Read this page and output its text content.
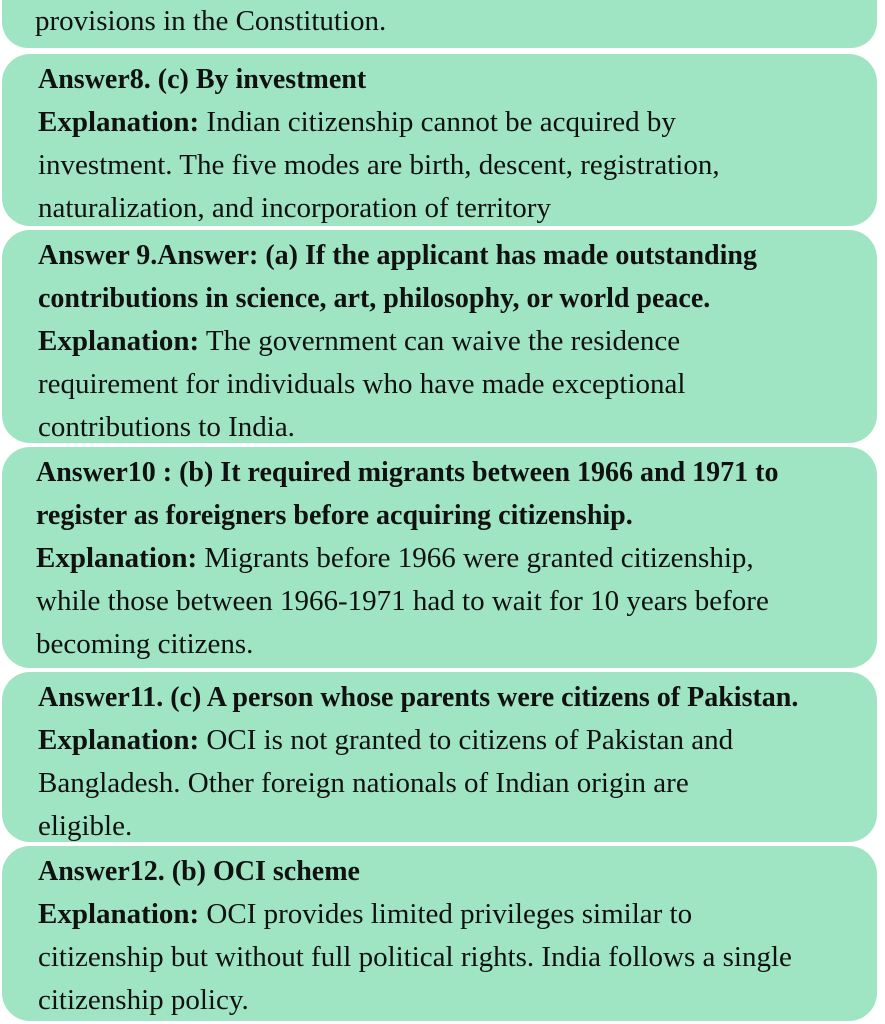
provisions in the Constitution.
Answer8. (c) By investment
Explanation: Indian citizenship cannot be acquired by
investment. The five modes are birth, descent, registration,
naturalization, and incorporation of territory
Answer 9.Answer: (a) If the applicant has made outstanding
contributions in science, art, philosophy, or world peace.
Explanation: The government can waive the residence
requirement for individuals who have made exceptional
contributions to India.
Answer10 : (b) It required migrants between 1966 and 1971 to
register as foreigners before acquiring citizenship.
Explanation: Migrants before 1966 were granted citizenship,
while those between 1966-1971 had to wait for 10 years before
becoming citizens.
Answer11. (c) A person whose parents were citizens of Pakistan.
Explanation: OCI is not granted to citizens of Pakistan and
Bangladesh. Other foreign nationals of Indian origin are
eligible.
Answer12. (b) OCI scheme
Explanation: OCI provides limited privileges similar to
citizenship but without full political rights. India follows a single
citizenship policy.
